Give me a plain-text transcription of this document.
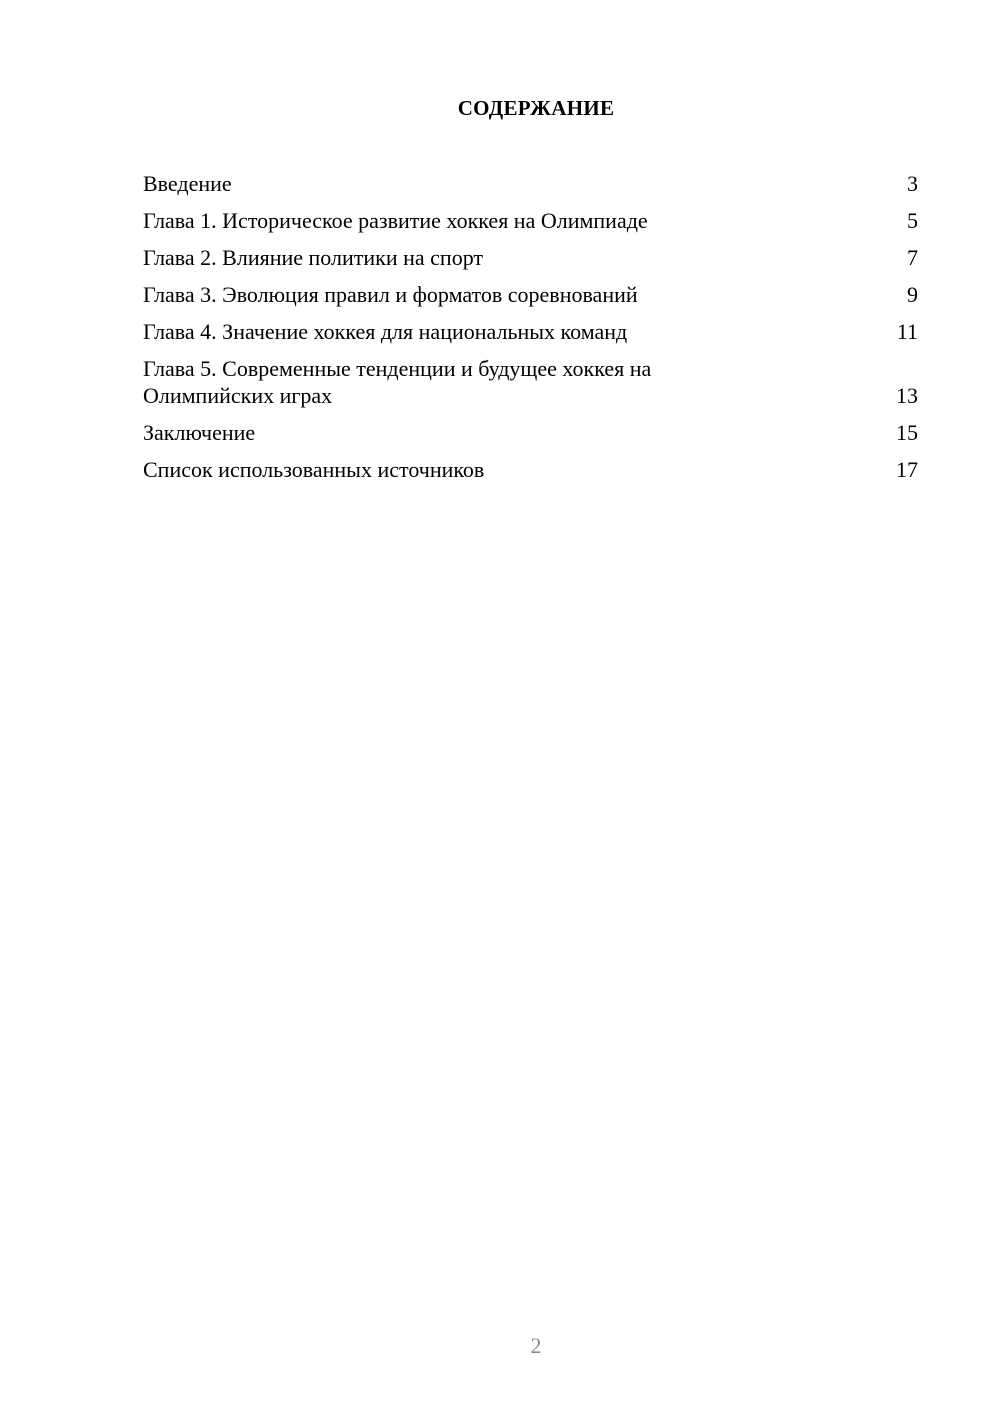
СОДЕРЖАНИЕ
Введение	3
Глава 1. Историческое развитие хоккея на Олимпиаде	5
Глава 2. Влияние политики на спорт	7
Глава 3. Эволюция правил и форматов соревнований	9
Глава 4. Значение хоккея для национальных команд	11
Глава 5. Современные тенденции и будущее хоккея на Олимпийских играх	13
Заключение	15
Список использованных источников	17
2
